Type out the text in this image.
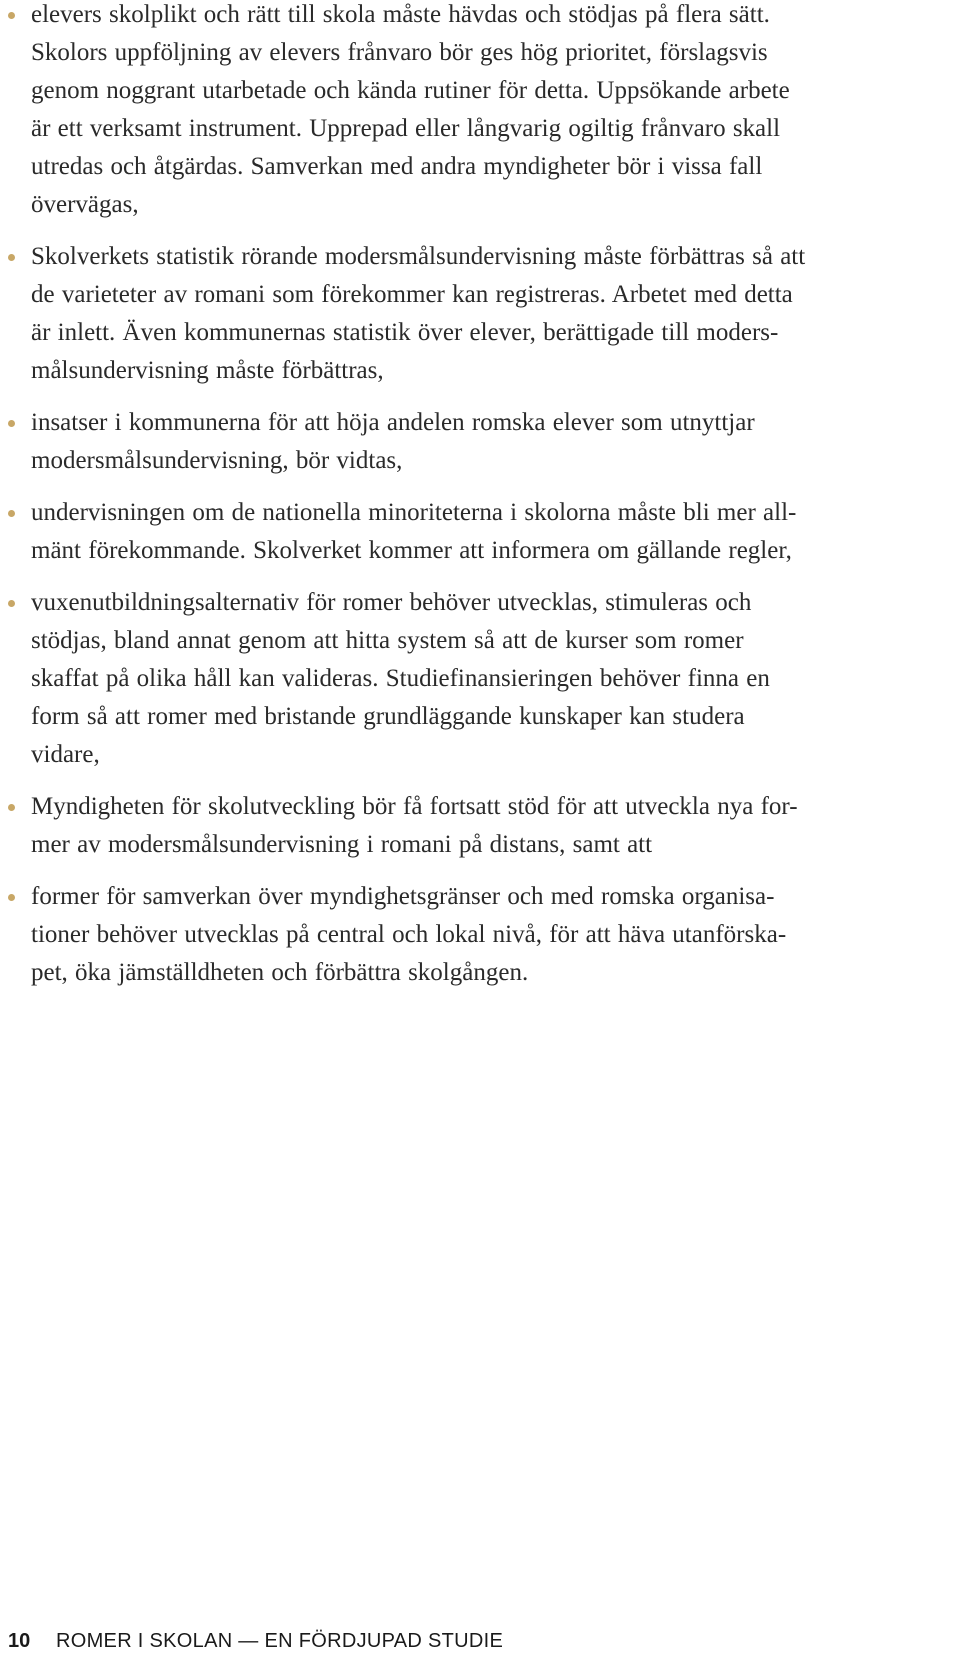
elevers skolplikt och rätt till skola måste hävdas och stödjas på flera sätt.
Skolors uppföljning av elevers frånvaro bör ges hög prioritet, förslagsvis
genom noggrant utarbetade och kända rutiner för detta. Uppsökande arbete
är ett verksamt instrument. Upprepad eller långvarig ogiltig frånvaro skall
utredas och åtgärdas. Samverkan med andra myndigheter bör i vissa fall
övervägas,
Skolverkets statistik rörande modersmålsundervisning måste förbättras så att
de varieteter av romani som förekommer kan registreras. Arbetet med detta
är inlett. Även kommunernas statistik över elever, berättigade till moders-
målsundervisning måste förbättras,
insatser i kommunerna för att höja andelen romska elever som utnyttjar
modersmålsundervisning, bör vidtas,
undervisningen om de nationella minoriteterna i skolorna måste bli mer all-
mänt förekommande. Skolverket kommer att informera om gällande regler,
vuxenutbildningsalternativ för romer behöver utvecklas, stimuleras och
stödjas, bland annat genom att hitta system så att de kurser som romer
skaffat på olika håll kan valideras. Studiefinansieringen behöver finna en
form så att romer med bristande grundläggande kunskaper kan studera
vidare,
Myndigheten för skolutveckling bör få fortsatt stöd för att utveckla nya for-
mer av modersmålsundervisning i romani på distans, samt att
former för samverkan över myndighetsgränser och med romska organisa-
tioner behöver utvecklas på central och lokal nivå, för att häva utanförska-
pet, öka jämställdheten och förbättra skolgången.
10	ROMER I SKOLAN — EN FÖRDJUPAD STUDIE
